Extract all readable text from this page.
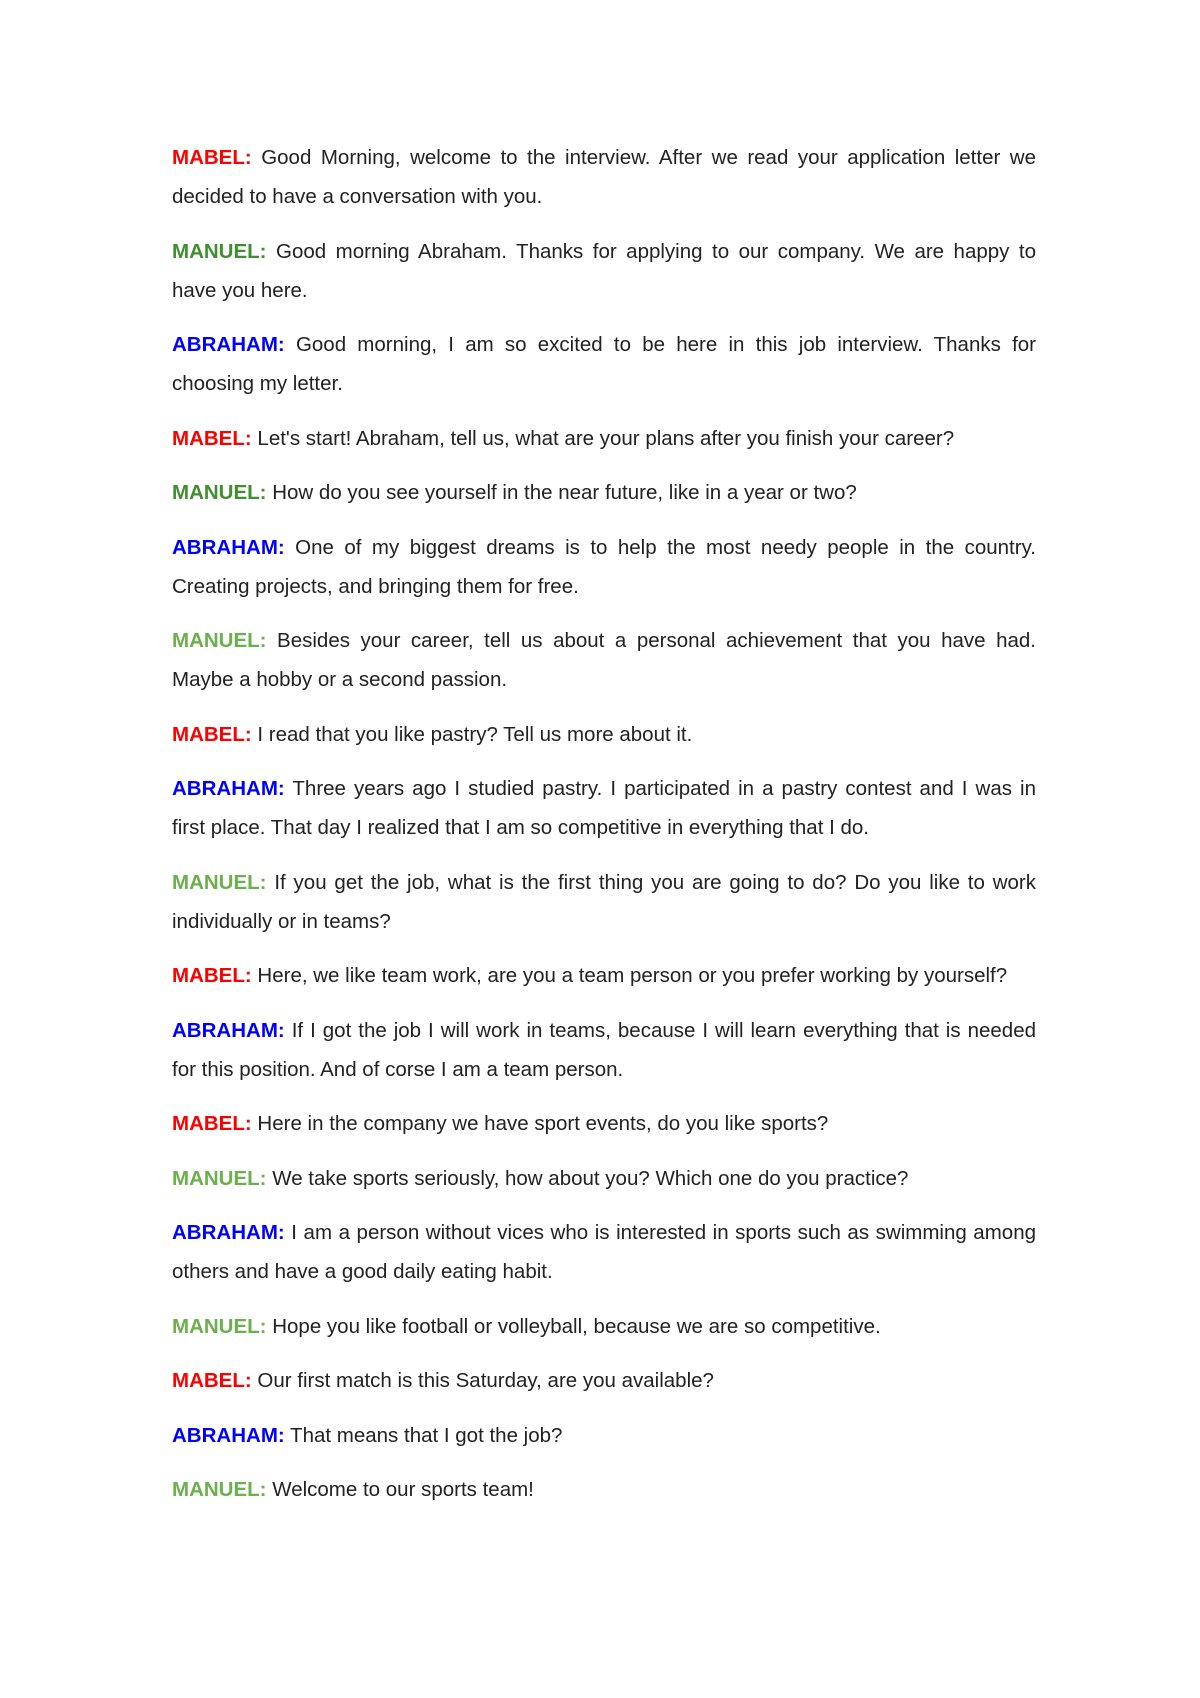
MABEL: Good Morning, welcome to the interview. After we read your application letter we decided to have a conversation with you.

MANUEL: Good morning Abraham. Thanks for applying to our company. We are happy to have you here.

ABRAHAM: Good morning, I am so excited to be here in this job interview. Thanks for choosing my letter.

MABEL: Let's start! Abraham, tell us, what are your plans after you finish your career?

MANUEL: How do you see yourself in the near future, like in a year or two?

ABRAHAM: One of my biggest dreams is to help the most needy people in the country. Creating projects, and bringing them for free.

MANUEL: Besides your career, tell us about a personal achievement that you have had. Maybe a hobby or a second passion.

MABEL: I read that you like pastry? Tell us more about it.

ABRAHAM: Three years ago I studied pastry. I participated in a pastry contest and I was in first place. That day I realized that I am so competitive in everything that I do.

MANUEL: If you get the job, what is the first thing you are going to do? Do you like to work individually or in teams?

MABEL: Here, we like team work, are you a team person or you prefer working by yourself?

ABRAHAM: If I got the job I will work in teams, because I will learn everything that is needed for this position. And of corse I am a team person.

MABEL: Here in the company we have sport events, do you like sports?

MANUEL: We take sports seriously, how about you? Which one do you practice?

ABRAHAM: I am a person without vices who is interested in sports such as swimming among others and have a good daily eating habit.

MANUEL: Hope you like football or volleyball, because we are so competitive.

MABEL: Our first match is this Saturday, are you available?

ABRAHAM: That means that I got the job?

MANUEL: Welcome to our sports team!
